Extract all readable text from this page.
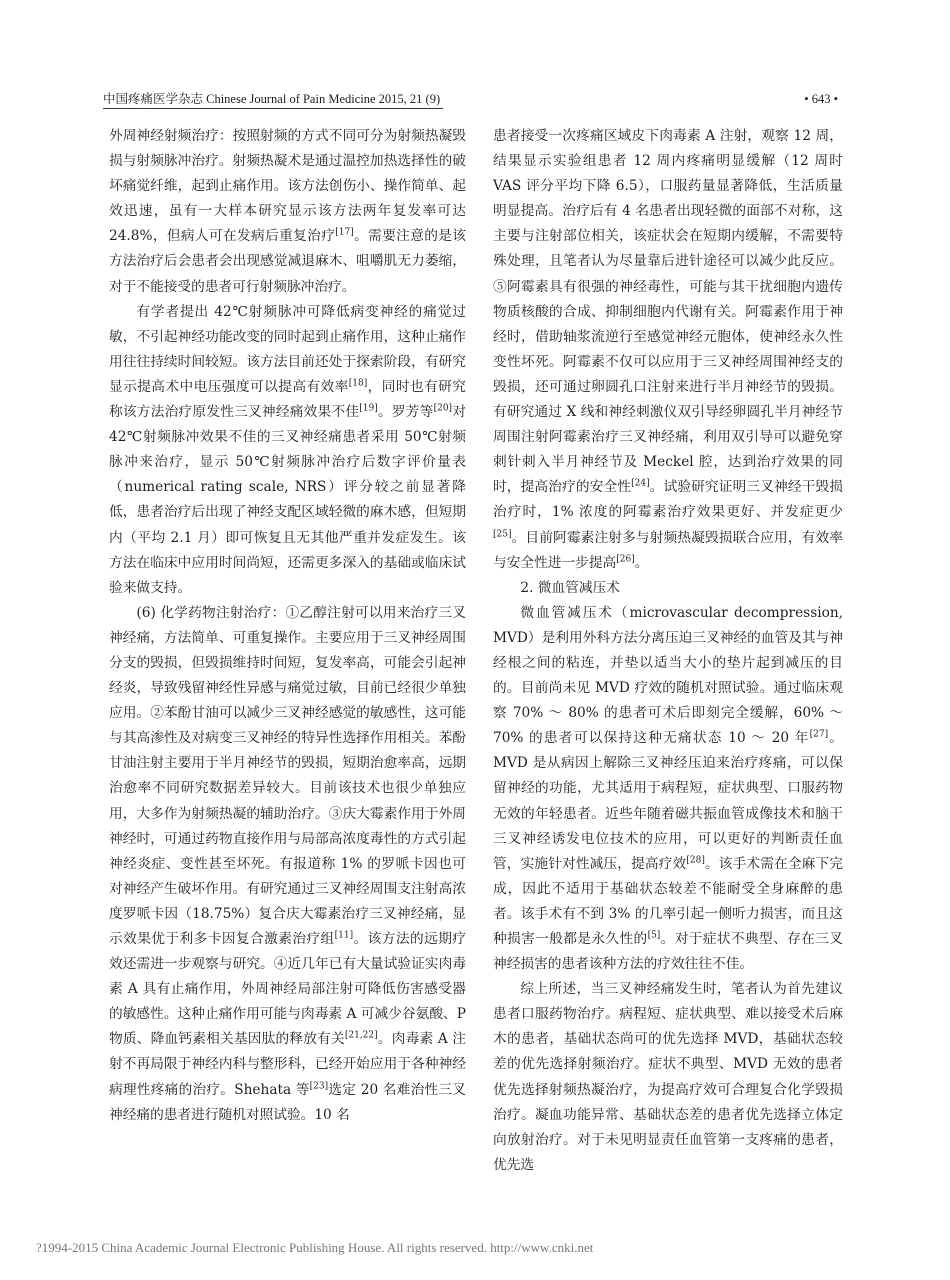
中国疼痛医学杂志 Chinese Journal of Pain Medicine 2015, 21 (9)	• 643 •

外周神经射频治疗：按照射频的方式不同可分为射频热凝毁损与射频脉冲治疗。射频热凝术是通过温控加热选择性的破坏痛觉纤维，起到止痛作用。该方法创伤小、操作简单、起效迅速，虽有一大样本研究显示该方法两年复发率可达 24.8%，但病人可在发病后重复治疗[17]。需要注意的是该方法治疗后会患者会出现感觉减退麻木、咀嚼肌无力萎缩，对于不能接受的患者可行射频脉冲治疗。

有学者提出 42℃射频脉冲可降低病变神经的痛觉过敏，不引起神经功能改变的同时起到止痛作用，这种止痛作用往往持续时间较短。该方法目前还处于探索阶段，有研究显示提高术中电压强度可以提高有效率[18]，同时也有研究称该方法治疗原发性三叉神经痛效果不佳[19]。罗芳等[20]对 42℃射频脉冲效果不佳的三叉神经痛患者采用 50℃射频脉冲来治疗，显示 50℃射频脉冲治疗后数字评价量表（numerical rating scale, NRS）评分较之前显著降低，患者治疗后出现了神经支配区域轻微的麻木感，但短期内（平均 2.1 月）即可恢复且无其他严重并发症发生。该方法在临床中应用时间尚短，还需更多深入的基础或临床试验来做支持。

(6) 化学药物注射治疗：①乙醇注射可以用来治疗三叉神经痛，方法简单、可重复操作。主要应用于三叉神经周围分支的毁损，但毁损维持时间短，复发率高，可能会引起神经炎，导致残留神经性异感与痛觉过敏，目前已经很少单独应用。②苯酚甘油可以减少三叉神经感觉的敏感性，这可能与其高渗性及对病变三叉神经的特异性选择作用相关。苯酚甘油注射主要用于半月神经节的毁损，短期治愈率高，远期治愈率不同研究数据差异较大。目前该技术也很少单独应用，大多作为射频热凝的辅助治疗。③庆大霉素作用于外周神经时，可通过药物直接作用与局部高浓度毒性的方式引起神经炎症、变性甚至坏死。有报道称 1% 的罗哌卡因也可对神经产生破坏作用。有研究通过三叉神经周围支注射高浓度罗哌卡因（18.75%）复合庆大霉素治疗三叉神经痛，显示效果优于利多卡因复合激素治疗组[11]。该方法的远期疗效还需进一步观察与研究。④近几年已有大量试验证实肉毒素 A 具有止痛作用，外周神经局部注射可降低伤害感受器的敏感性。这种止痛作用可能与肉毒素 A 可减少谷氨酸、P 物质、降血钙素相关基因肽的释放有关[21,22]。肉毒素 A 注射不再局限于神经内科与整形科，已经开始应用于各种神经病理性疼痛的治疗。Shehata 等[23]选定 20 名难治性三叉神经痛的患者进行随机对照试验。10 名

患者接受一次疼痛区域皮下肉毒素 A 注射，观察 12 周，结果显示实验组患者 12 周内疼痛明显缓解（12 周时 VAS 评分平均下降 6.5），口服药量显著降低，生活质量明显提高。治疗后有 4 名患者出现轻微的面部不对称，这主要与注射部位相关，该症状会在短期内缓解，不需要特殊处理，且笔者认为尽量靠后进针途径可以减少此反应。⑤阿霉素具有很强的神经毒性，可能与其干扰细胞内遗传物质核酸的合成、抑制细胞内代谢有关。阿霉素作用于神经时，借助轴浆流逆行至感觉神经元胞体，使神经永久性变性坏死。阿霉素不仅可以应用于三叉神经周围神经支的毁损，还可通过卵圆孔口注射来进行半月神经节的毁损。有研究通过 X 线和神经刺激仪双引导经卵圆孔半月神经节周围注射阿霉素治疗三叉神经痛，利用双引导可以避免穿刺针刺入半月神经节及 Meckel 腔，达到治疗效果的同时，提高治疗的安全性[24]。试验研究证明三叉神经干毁损治疗时，1% 浓度的阿霉素治疗效果更好、并发症更少[25]。目前阿霉素注射多与射频热凝毁损联合应用，有效率与安全性进一步提高[26]。

2. 微血管减压术

微血管减压术（microvascular decompression, MVD）是利用外科方法分离压迫三叉神经的血管及其与神经根之间的粘连，并垫以适当大小的垫片起到减压的目的。目前尚未见 MVD 疗效的随机对照试验。通过临床观察 70% ～ 80% 的患者可术后即刻完全缓解，60% ～ 70% 的患者可以保持这种无痛状态 10 ～ 20 年[27]。MVD 是从病因上解除三叉神经压迫来治疗疼痛，可以保留神经的功能，尤其适用于病程短，症状典型、口服药物无效的年轻患者。近些年随着磁共振血管成像技术和脑干三叉神经诱发电位技术的应用，可以更好的判断责任血管，实施针对性减压，提高疗效[28]。该手术需在全麻下完成，因此不适用于基础状态较差不能耐受全身麻醉的患者。该手术有不到 3% 的几率引起一侧听力损害，而且这种损害一般都是永久性的[5]。对于症状不典型、存在三叉神经损害的患者该种方法的疗效往往不佳。

综上所述，当三叉神经痛发生时，笔者认为首先建议患者口服药物治疗。病程短、症状典型、难以接受术后麻木的患者，基础状态尚可的优先选择 MVD，基础状态较差的优先选择射频治疗。症状不典型、MVD 无效的患者优先选择射频热凝治疗，为提高疗效可合理复合化学毁损治疗。凝血功能异常、基础状态差的患者优先选择立体定向放射治疗。对于未见明显责任血管第一支疼痛的患者，优先选

?1994-2015 China Academic Journal Electronic Publishing House. All rights reserved. http://www.cnki.net
